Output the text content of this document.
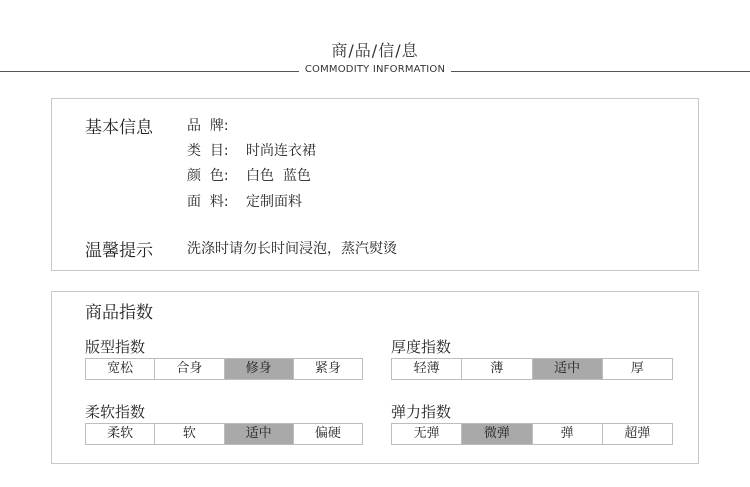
商/品/信/息
COMMODITY INFORMATION
基本信息 品  牌:
类  目: 时尚连衣裙
颜  色: 白色  蓝色
面  料: 定制面料
温馨提示 洗涤时请勿长时间浸泡，蒸汽熨烫
商品指数
版型指数
宽松	合身	修身	紧身
厚度指数
轻薄	薄	适中	厚
柔软指数
柔软	软	适中	偏硬
弹力指数
无弹	微弹	弹	超弹
